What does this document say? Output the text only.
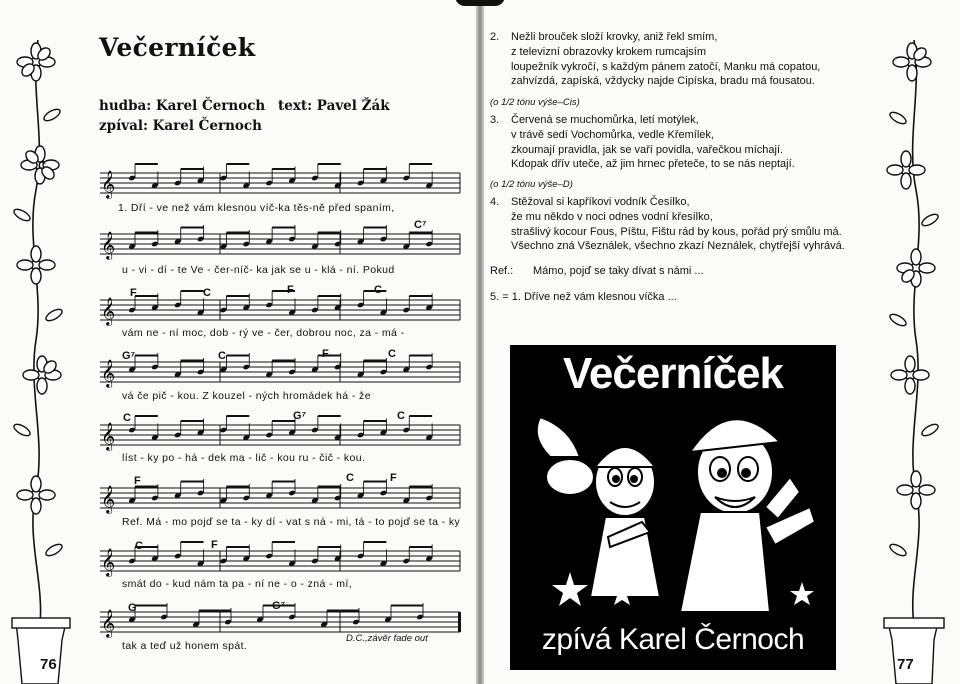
76	77
Večerníček
hudba: Karel Černoch text: Pavel Žák
zpíval: Karel Černoch
𝄞
𝄞
𝄞
𝄞
𝄞
𝄞
𝄞
𝄞
C
1. Dří - ve než vám klesnou víč-ka těs-ně před spaním,
C⁷
u - vi - dí - te Ve - čer-níč- ka jak se u - klá - ní. Pokud
F	C	F	C
vám ne - ní moc, dob - rý ve - čer, dobrou noc, za - má -
G⁷	C	F	C
vá če pič - kou. Z kouzel - ných hromádek há - že
C	G⁷	C
líst - ky po - há - dek ma - lič - kou ru - čič - kou.
F	C	F
Ref. Má - mo pojď se ta - ky dí - vat s ná - mi, tá - to pojď se ta - ky
C	F
smát do - kud nám ta pa - ní ne - o - zná - mí,
G	G⁷
tak a teď už honem spát.
D.C.,závěr fade out
2. Nežli brouček složí krovky, aniž řekl smím,
z televizní obrazovky krokem rumcajsím
loupežník vykročí, s každým pánem zatočí, Manku má copatou,
zahvízdá, zapíská, vždycky najde Cipíska, bradu má fousatou.
(o 1/2 tónu výše–Cis)
3. Červená se muchomůrka, letí motýlek,
v trávě sedí Vochomůrka, vedle Křemílek,
zkoumají pravidla, jak se vaří povidla, vařečkou míchají.
Kdopak dřív uteče, až jim hrnec přeteče, to se nás neptají.
(o 1/2 tónu výše–D)
4. Stěžoval si kapříkovi vodník Česílko,
že mu někdo v noci odnes vodní křesílko,
strašlivý kocour Fous, Píštu, Fištu rád by kous, pořád prý smůlu má.
Všechno zná Všeználek, všechno zkazí Neználek, chytřejší vyhrává.
Ref.: Mámo, pojď se taky dívat s námi ...
5. = 1. Dříve než vám klesnou víčka ...
Večerníček
zpívá Karel Černoch
